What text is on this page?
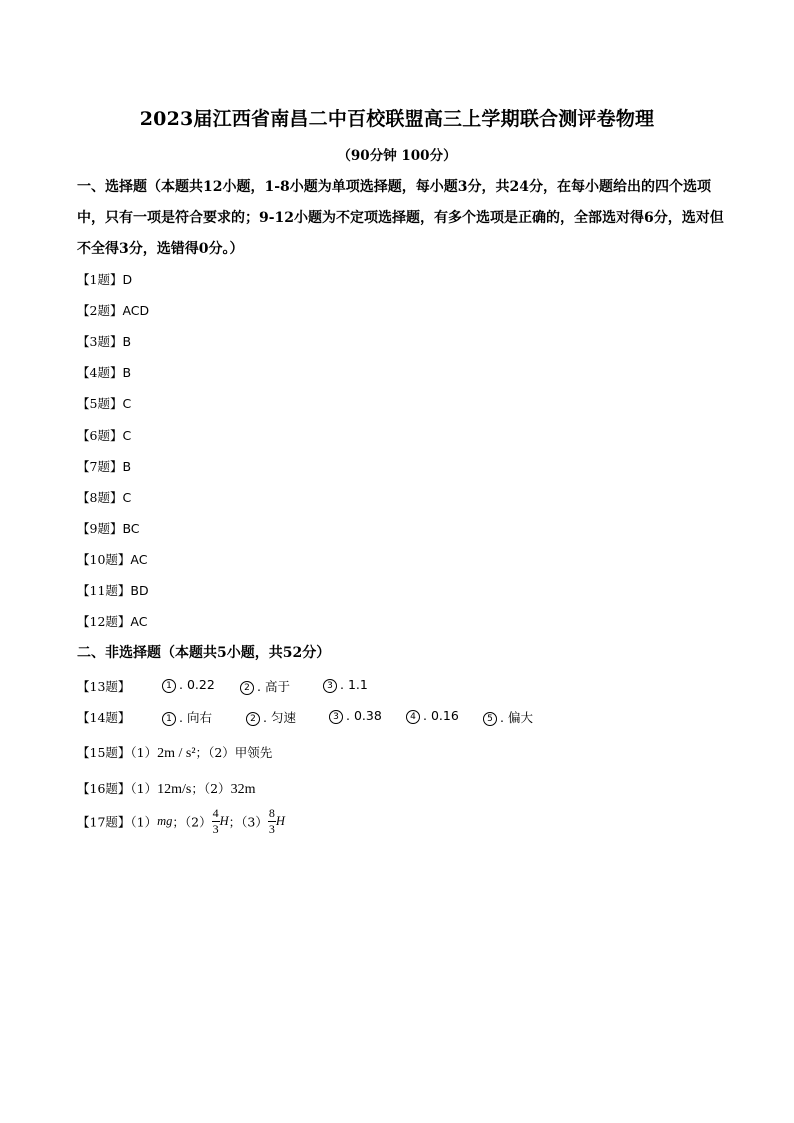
2023届江西省南昌二中百校联盟高三上学期联合测评卷物理
（90分钟 100分）
一、选择题（本题共12小题，1-8小题为单项选择题，每小题3分，共24分，在每小题给出的四个选项中，只有一项是符合要求的；9-12小题为不定项选择题，有多个选项是正确的，全部选对得6分，选对但不全得3分，选错得0分。）
【1题】D
【2题】ACD
【3题】B
【4题】B
【5题】C
【6题】C
【7题】B
【8题】C
【9题】BC
【10题】AC
【11题】BD
【12题】AC
二、非选择题（本题共5小题，共52分）
【13题】	1 . 0.22	2 . 高于	3 . 1.1
【14题】	1 . 向右	2 . 匀速	3 . 0.38	4 . 0.16	5 . 偏大
【15题】（1）2m / s²；（2）甲领先
【16题】（1）12m/s；（2）32m
【17题】（1）mg；$(2) \frac{4}{3}$ H；$(3) \frac{8}{3}$ H
